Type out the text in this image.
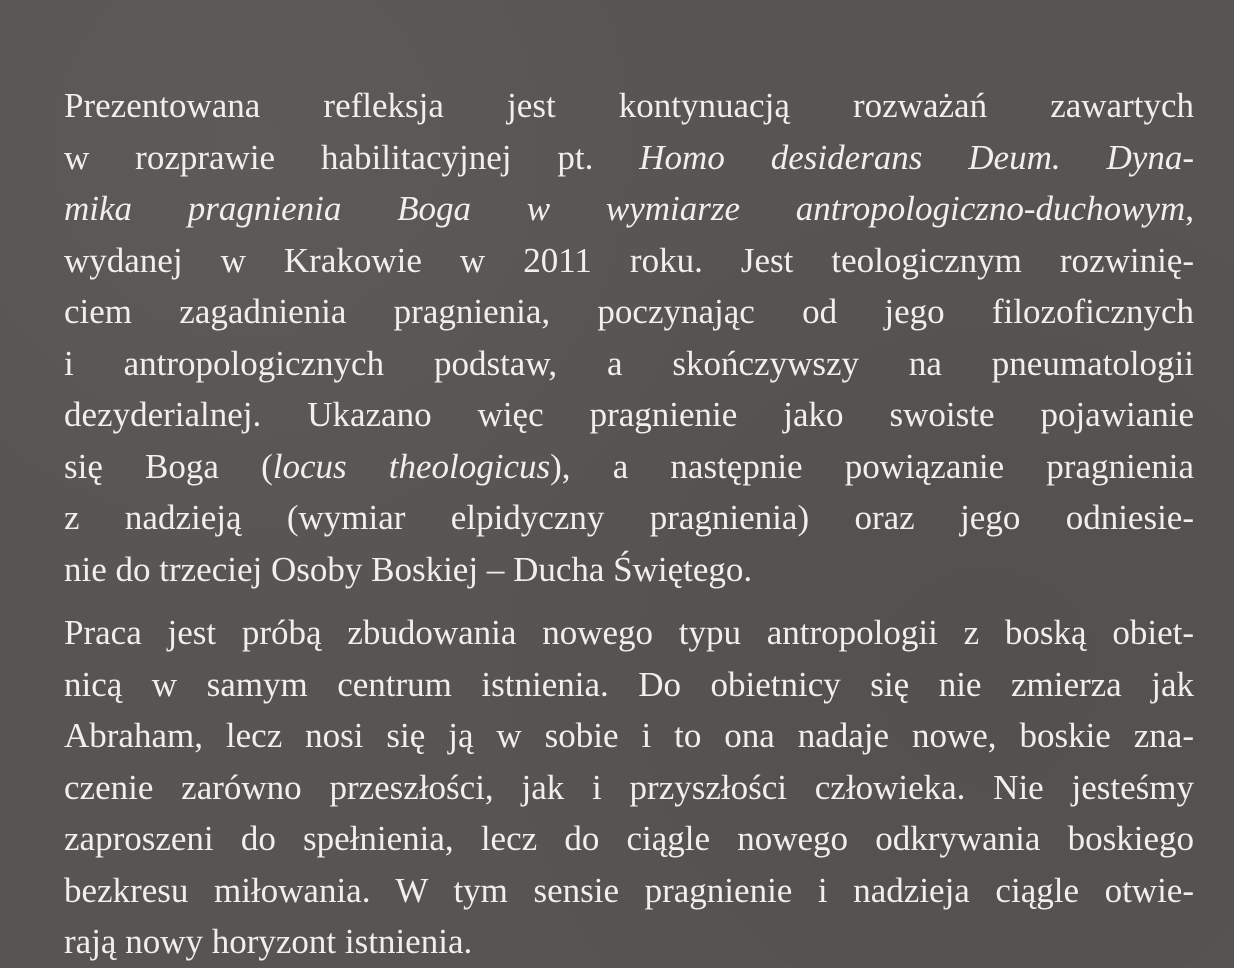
Prezentowana refleksja jest kontynuacją rozważań zawartych
w rozprawie habilitacyjnej pt. Homo desiderans Deum. Dyna-
mika pragnienia Boga w wymiarze antropologiczno-duchowym,
wydanej w Krakowie w 2011 roku. Jest teologicznym rozwinię-
ciem zagadnienia pragnienia, poczynając od jego filozoficznych
i antropologicznych podstaw, a skończywszy na pneumatologii
dezyderialnej. Ukazano więc pragnienie jako swoiste pojawianie
się Boga (locus theologicus), a następnie powiązanie pragnienia
z nadzieją (wymiar elpidyczny pragnienia) oraz jego odniesie-
nie do trzeciej Osoby Boskiej – Ducha Świętego.

Praca jest próbą zbudowania nowego typu antropologii z boską obiet-
nicą w samym centrum istnienia. Do obietnicy się nie zmierza jak
Abraham, lecz nosi się ją w sobie i to ona nadaje nowe, boskie zna-
czenie zarówno przeszłości, jak i przyszłości człowieka. Nie jesteśmy
zaproszeni do spełnienia, lecz do ciągle nowego odkrywania boskiego
bezkresu miłowania. W tym sensie pragnienie i nadzieja ciągle otwie-
rają nowy horyzont istnienia.
